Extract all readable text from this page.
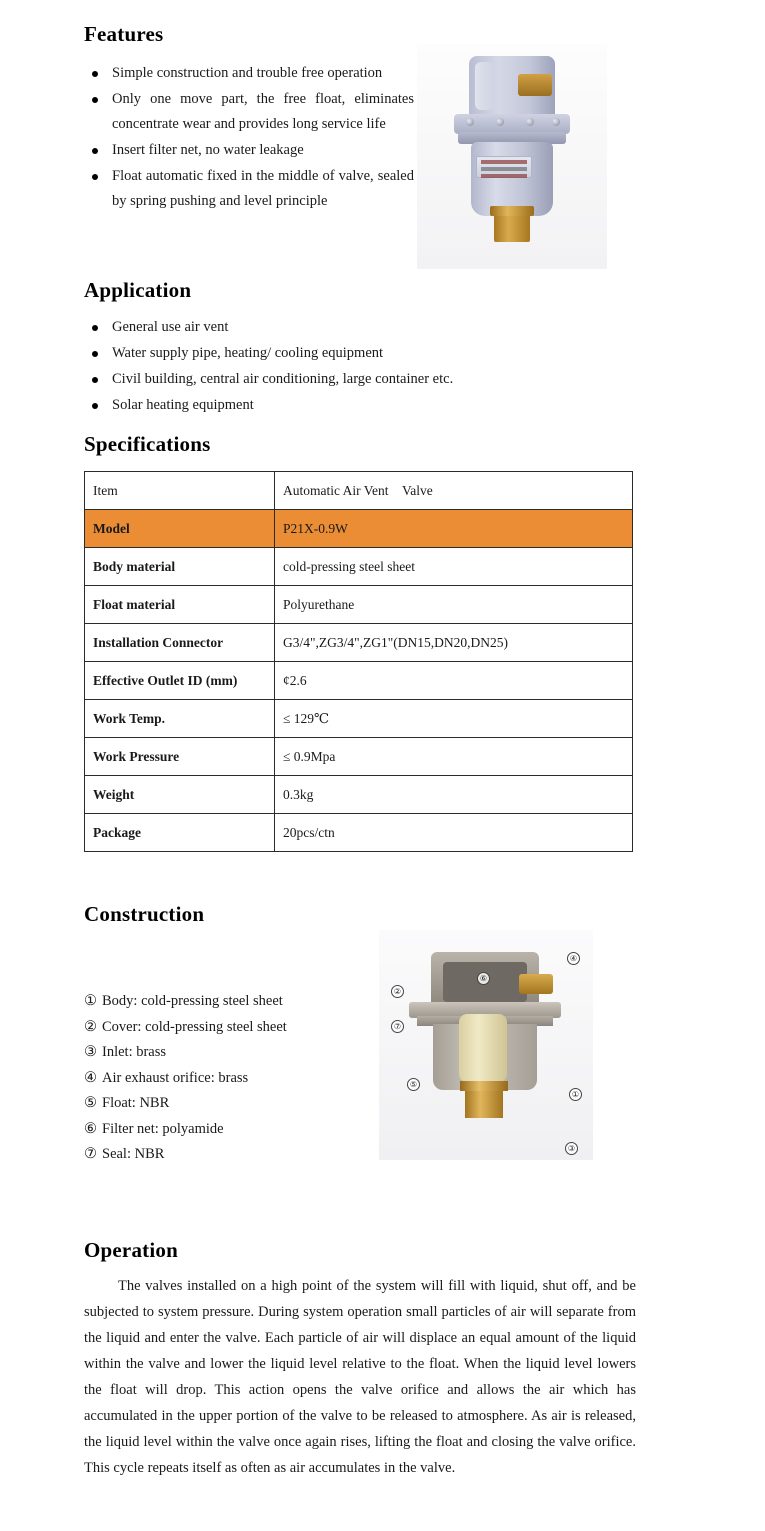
Features
Simple construction and trouble free operation
Only one move part, the free float, eliminates concentrate wear and provides long service life
Insert filter net, no water leakage
Float automatic fixed in the middle of valve, sealed by spring pushing and level principle
Application
General use air vent
Water supply pipe, heating/ cooling equipment
Civil building, central air conditioning, large container etc.
Solar heating equipment
Specifications
Item	Automatic Air Vent Valve
Model	P21X-0.9W
Body material	cold-pressing steel sheet
Float material	Polyurethane
Installation Connector	G3/4",ZG3/4",ZG1"(DN15,DN20,DN25)
Effective Outlet ID (mm)	¢2.6
Work Temp.	≤ 129℃
Work Pressure	≤ 0.9Mpa
Weight	0.3kg
Package	20pcs/ctn
Construction
① Body: cold-pressing steel sheet
② Cover: cold-pressing steel sheet
③ Inlet: brass
④ Air exhaust orifice: brass
⑤ Float: NBR
⑥ Filter net: polyamide
⑦ Seal: NBR
②
⑦
⑤
⑥
④
①
③
Operation

The valves installed on a high point of the system will fill with liquid, shut off, and be subjected to system pressure. During system operation small particles of air will separate from the liquid and enter the valve. Each particle of air will displace an equal amount of the liquid within the valve and lower the liquid level relative to the float. When the liquid level lowers the float will drop. This action opens the valve orifice and allows the air which has accumulated in the upper portion of the valve to be released to atmosphere. As air is released, the liquid level within the valve once again rises, lifting the float and closing the valve orifice. This cycle repeats itself as often as air accumulates in the valve.
